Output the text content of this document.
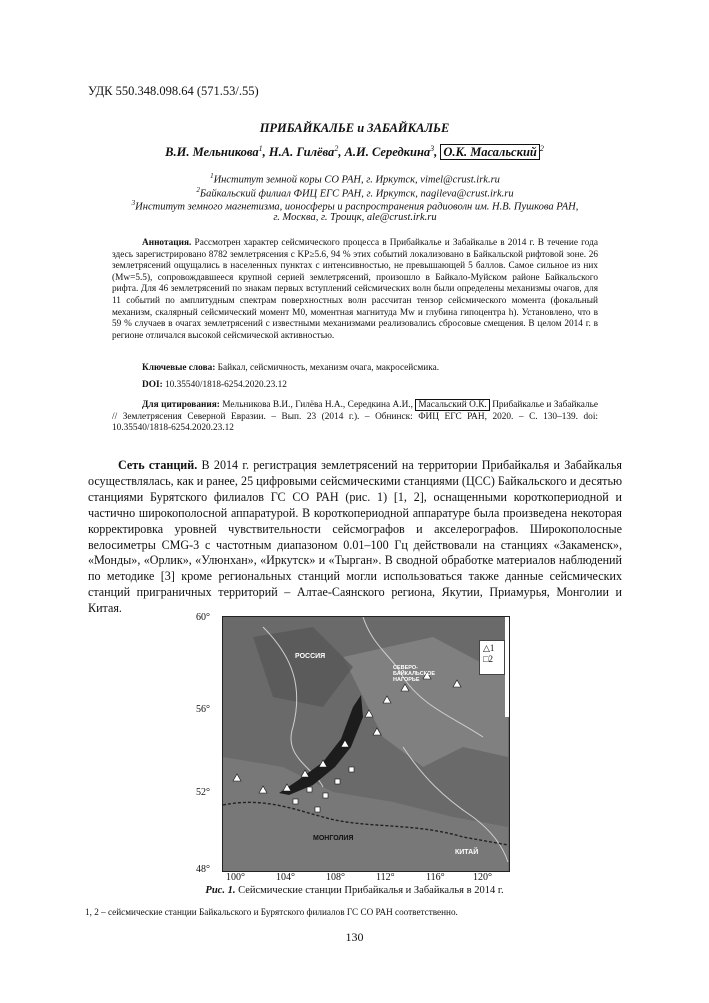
УДК 550.348.098.64 (571.53/.55)
ПРИБАЙКАЛЬЕ и ЗАБАЙКАЛЬЕ
В.И. Мельникова$^1$, Н.А. Гилёва$^2$, А.И. Середкина$^3$, О.К. Масальский $^2$
$^1$Институт земной коры СО РАН, г. Иркутск, vimel@crust.irk.ru
$^2$Байкальский филиал ФИЦ ЕГС РАН, г. Иркутск, nagileva@crust.irk.ru
$^3$Институт земного магнетизма, ионосферы и распространения радиоволн им. Н.В. Пушкова РАН,
г. Москва, г. Троицк, ale@crust.irk.ru
Аннотация. Рассмотрен характер сейсмического процесса в Прибайкалье и Забайкалье в 2014 г. В течение года здесь зарегистрировано 8782 землетрясения с KР≥5.6, 94 % этих событий локализовано в Байкальской рифтовой зоне. 26 землетрясений ощущались в населенных пунктах с интенсивностью, не превышающей 5 баллов. Самое сильное из них (Mw=5.5), сопровождавшееся крупной серией землетрясений, произошло в Байкало-Муйском районе Байкальского рифта. Для 46 землетрясений по знакам первых вступлений сейсмических волн были определены механизмы очагов, для 11 событий по амплитудным спектрам поверхностных волн рассчитан тензор сейсмического момента (фокальный механизм, скалярный сейсмический момент M0, моментная магнитуда Mw и глубина гипоцентра h). Установлено, что в 59 % случаев в очагах землетрясений с известными механизмами реализовались сбросовые смещения. В целом 2014 г. в регионе отличался высокой сейсмической активностью.
Ключевые слова: Байкал, сейсмичность, механизм очага, макросейсмика.
DOI: 10.35540/1818-6254.2020.23.12
Для цитирования: Мельникова В.И., Гилёва Н.А., Середкина А.И., Масальский О.К. Прибайкалье и Забайкалье // Землетрясения Северной Евразии. – Вып. 23 (2014 г.). – Обнинск: ФИЦ ЕГС РАН, 2020. – С. 130–139. doi: 10.35540/1818-6254.2020.23.12
Сеть станций. В 2014 г. регистрация землетрясений на территории Прибайкалья и Забайкалья осуществлялась, как и ранее, 25 цифровыми сейсмическими станциями (ЦСС) Байкальского и десятью станциями Бурятского филиалов ГС СО РАН (рис. 1) [1, 2], оснащенными короткопериодной и частично широкополосной аппаратурой. В короткопериодной аппаратуре была произведена некоторая корректировка уровней чувствительности сейсмографов и акселерографов. Широкополосные велосиметры CMG-3 с частотным диапазоном 0.01–100 Гц действовали на станциях «Закаменск», «Монды», «Орлик», «Улюнхан», «Иркутск» и «Тырган». В сводной обработке материалов наблюдений по методике [3] кроме региональных станций могли использоваться также данные сейсмических станций приграничных территорий – Алтае-Саянского региона, Якутии, Приамурья, Монголии и Китая.
РОССИЯ
СЕВЕРО-БАЙКАЛЬСКОЕ НАГОРЬЕ
МОНГОЛИЯ
КИТАЙ
△1
□2
60°
56°
52°
48°
100°	104°	108°	112°	116°	120°
Рис. 1. Сейсмические станции Прибайкалья и Забайкалья в 2014 г.
1, 2 – сейсмические станции Байкальского и Бурятского филиалов ГС СО РАН соответственно.
130
